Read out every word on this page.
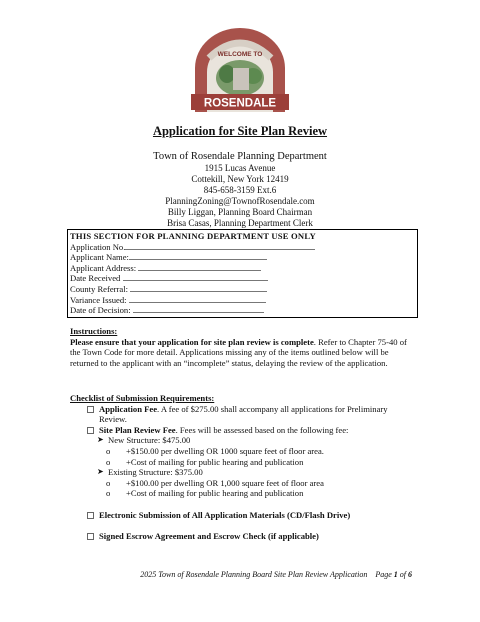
WELCOME TO
ROSENDALE
Application for Site Plan Review
Town of Rosendale Planning Department
1915 Lucas Avenue
Cottekill, New York 12419
845-658-3159 Ext.6
PlanningZoning@TownofRosendale.com
Billy Liggan, Planning Board Chairman
Brisa Casas, Planning Department Clerk
THIS SECTION FOR PLANNING DEPARTMENT USE ONLY
Application No.
Applicant Name:
Applicant Address:
Date Received
County Referral:
Variance Issued:
Date of Decision:
Instructions:
Please ensure that your application for site plan review is complete. Refer to Chapter 75-40 of the Town Code for more detail. Applications missing any of the items outlined below will be returned to the applicant with an “incomplete” status, delaying the review of the application.
Checklist of Submission Requirements:
Application Fee. A fee of $275.00 shall accompany all applications for Preliminary Review.
Site Plan Review Fee. Fees will be assessed based on the following fee:
➤ New Structure: $475.00
o +$150.00 per dwelling OR 1000 square feet of floor area.
o +Cost of mailing for public hearing and publication
➤ Existing Structure: $375.00
o +$100.00 per dwelling OR 1,000 square feet of floor area
o +Cost of mailing for public hearing and publication
Electronic Submission of All Application Materials (CD/Flash Drive)
Signed Escrow Agreement and Escrow Check (if applicable)
2025 Town of Rosendale Planning Board Site Plan Review Application Page 1 of 6
